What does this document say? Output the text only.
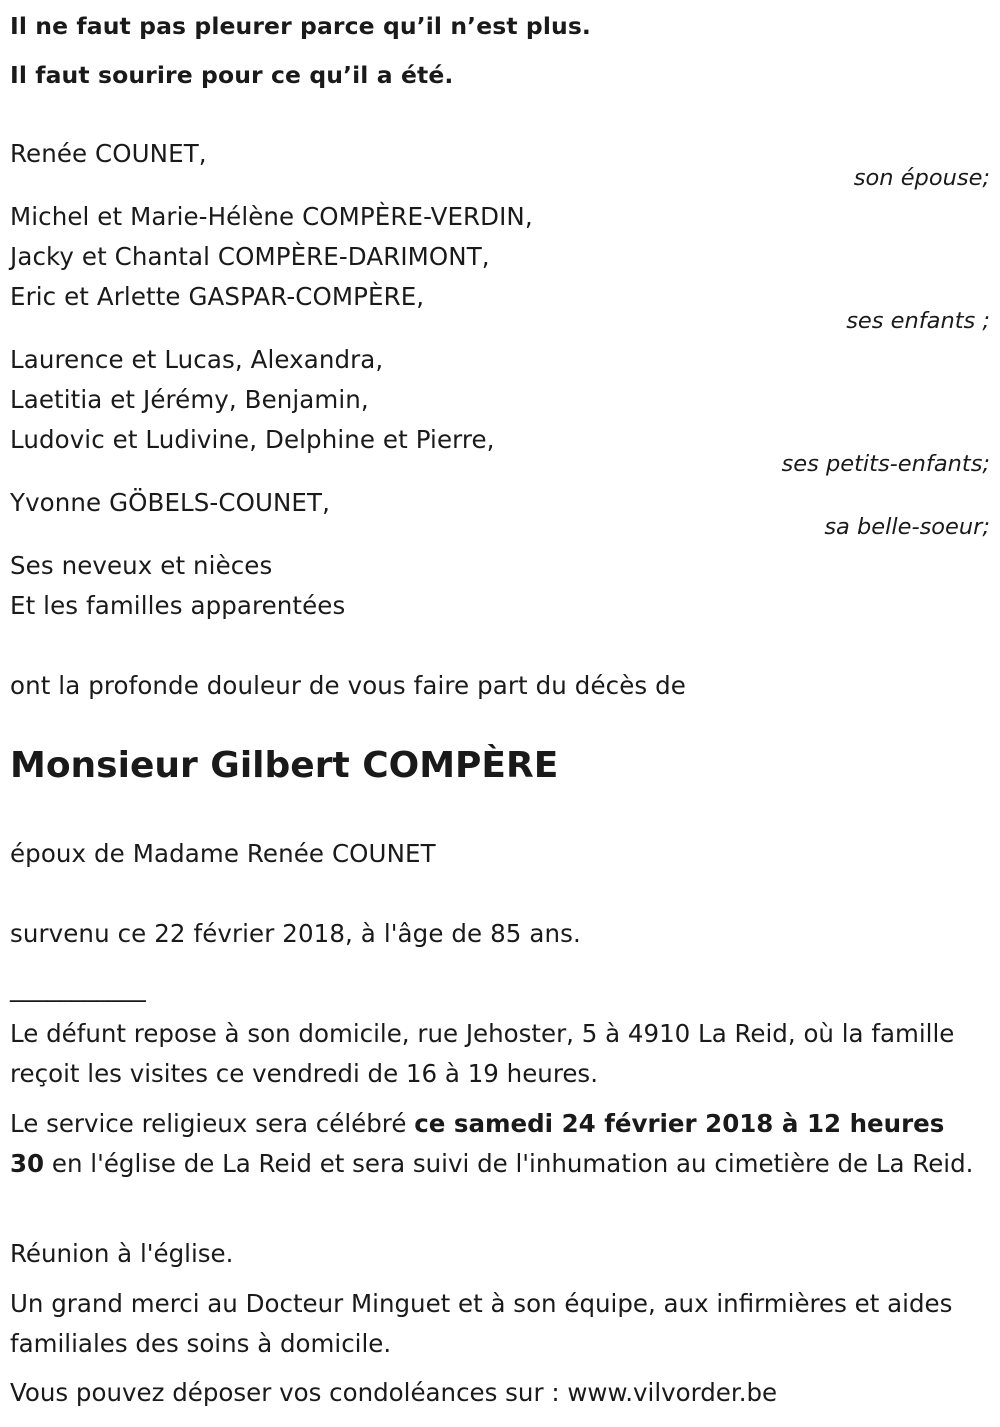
Il ne faut pas pleurer parce qu’il n’est plus.
Il faut sourire pour ce qu’il a été.
Renée COUNET,
son épouse;
Michel et Marie-Hélène COMPÈRE-VERDIN,
Jacky et Chantal COMPÈRE-DARIMONT,
Eric et Arlette GASPAR-COMPÈRE,
ses enfants ;
Laurence et Lucas, Alexandra,
Laetitia et Jérémy, Benjamin,
Ludovic et Ludivine, Delphine et Pierre,
ses petits-enfants;
Yvonne GÖBELS-COUNET,
sa belle-soeur;
Ses neveux et nièces
Et les familles apparentées
ont la profonde douleur de vous faire part du décès de
Monsieur Gilbert COMPÈRE
époux de Madame Renée COUNET
survenu ce 22 février 2018, à l'âge de 85 ans.
___________
Le défunt repose à son domicile, rue Jehoster, 5 à 4910 La Reid, où la famille reçoit les visites ce vendredi de 16 à 19 heures.
Le service religieux sera célébré ce samedi 24 février 2018 à 12 heures 30 en l'église de La Reid et sera suivi de l'inhumation au cimetière de La Reid.
Réunion à l'église.
Un grand merci au Docteur Minguet et à son équipe, aux infirmières et aides familiales des soins à domicile.
Vous pouvez déposer vos condoléances sur : www.vilvorder.be
